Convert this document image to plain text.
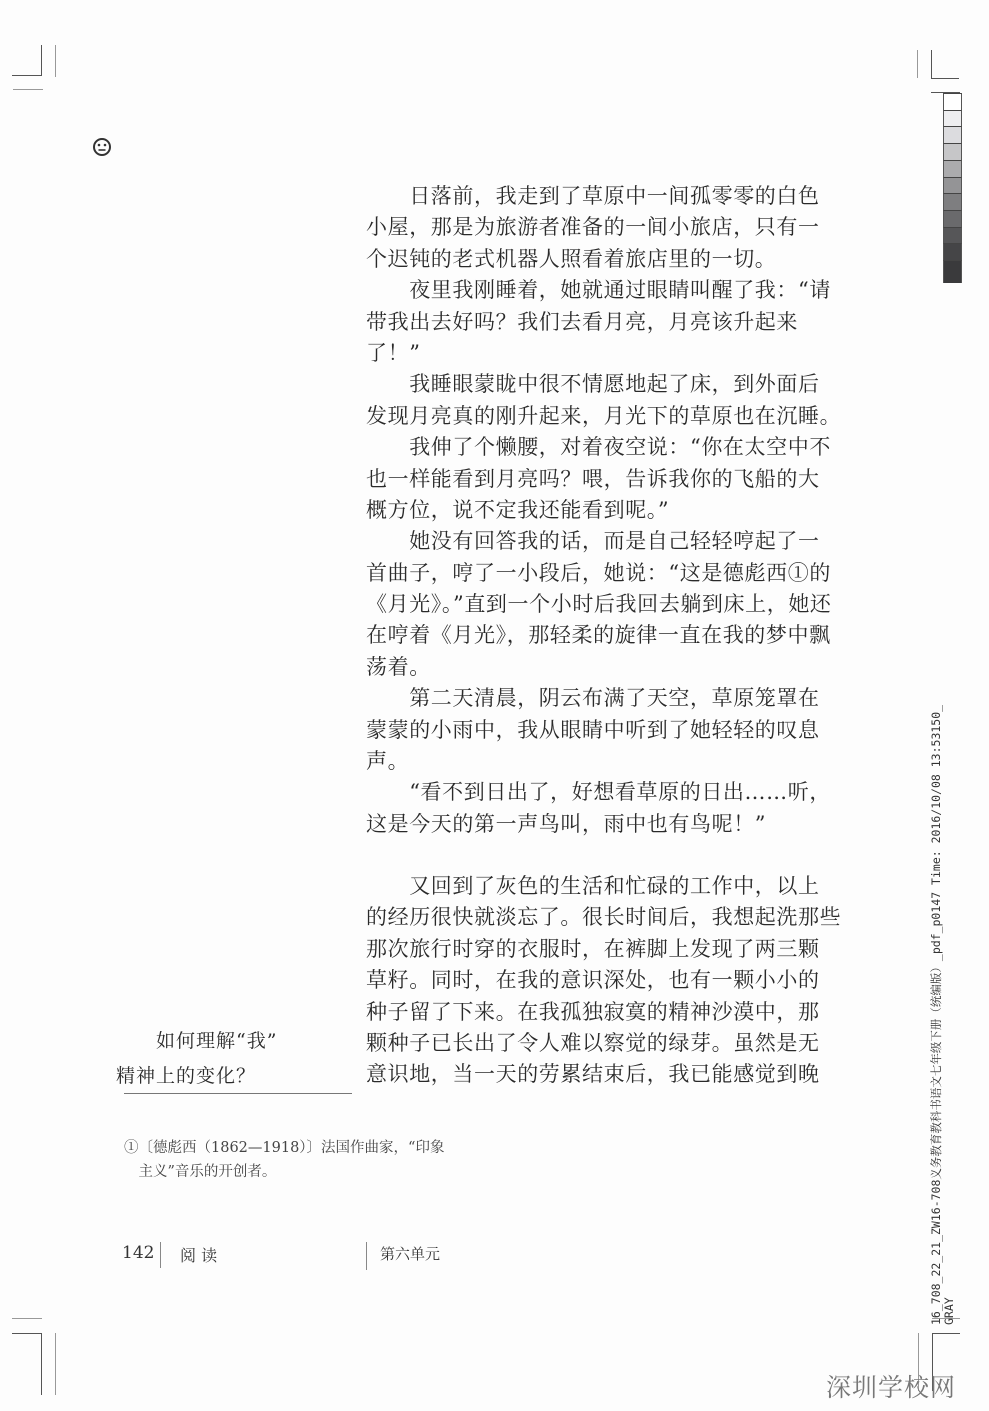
　　日落前，我走到了草原中一间孤零零的白色
小屋，那是为旅游者准备的一间小旅店，只有一
个迟钝的老式机器人照看着旅店里的一切。
　　夜里我刚睡着，她就通过眼睛叫醒了我：“请
带我出去好吗？我们去看月亮，月亮该升起来
了！”
　　我睡眼蒙眬中很不情愿地起了床，到外面后
发现月亮真的刚升起来，月光下的草原也在沉睡。
　　我伸了个懒腰，对着夜空说：“你在太空中不
也一样能看到月亮吗？喂，告诉我你的飞船的大
概方位，说不定我还能看到呢。”
　　她没有回答我的话，而是自己轻轻哼起了一
首曲子，哼了一小段后，她说：“这是德彪西①的
《月光》。”直到一个小时后我回去躺到床上，她还
在哼着《月光》，那轻柔的旋律一直在我的梦中飘
荡着。
　　第二天清晨，阴云布满了天空，草原笼罩在
蒙蒙的小雨中，我从眼睛中听到了她轻轻的叹息
声。
　　“看不到日出了，好想看草原的日出……听，
这是今天的第一声鸟叫，雨中也有鸟呢！”
　　又回到了灰色的生活和忙碌的工作中，以上
的经历很快就淡忘了。很长时间后，我想起洗那些
那次旅行时穿的衣服时，在裤脚上发现了两三颗
草籽。同时，在我的意识深处，也有一颗小小的
种子留了下来。在我孤独寂寞的精神沙漠中，那
颗种子已长出了令人难以察觉的绿芽。虽然是无
意识地，当一天的劳累结束后，我已能感觉到晚
　　如何理解“我”
精神上的变化？
①〔德彪西（1862—1918）〕法国作曲家，“印象
　主义”音乐的开创者。
142 阅 读	第六单元	16_708_22_21_ZW16-708义务教育教科书语文七年级下册（统编版）_pdf_p0147 Time: 2016/10/08 13:53150_ GRAY
深圳学校网
